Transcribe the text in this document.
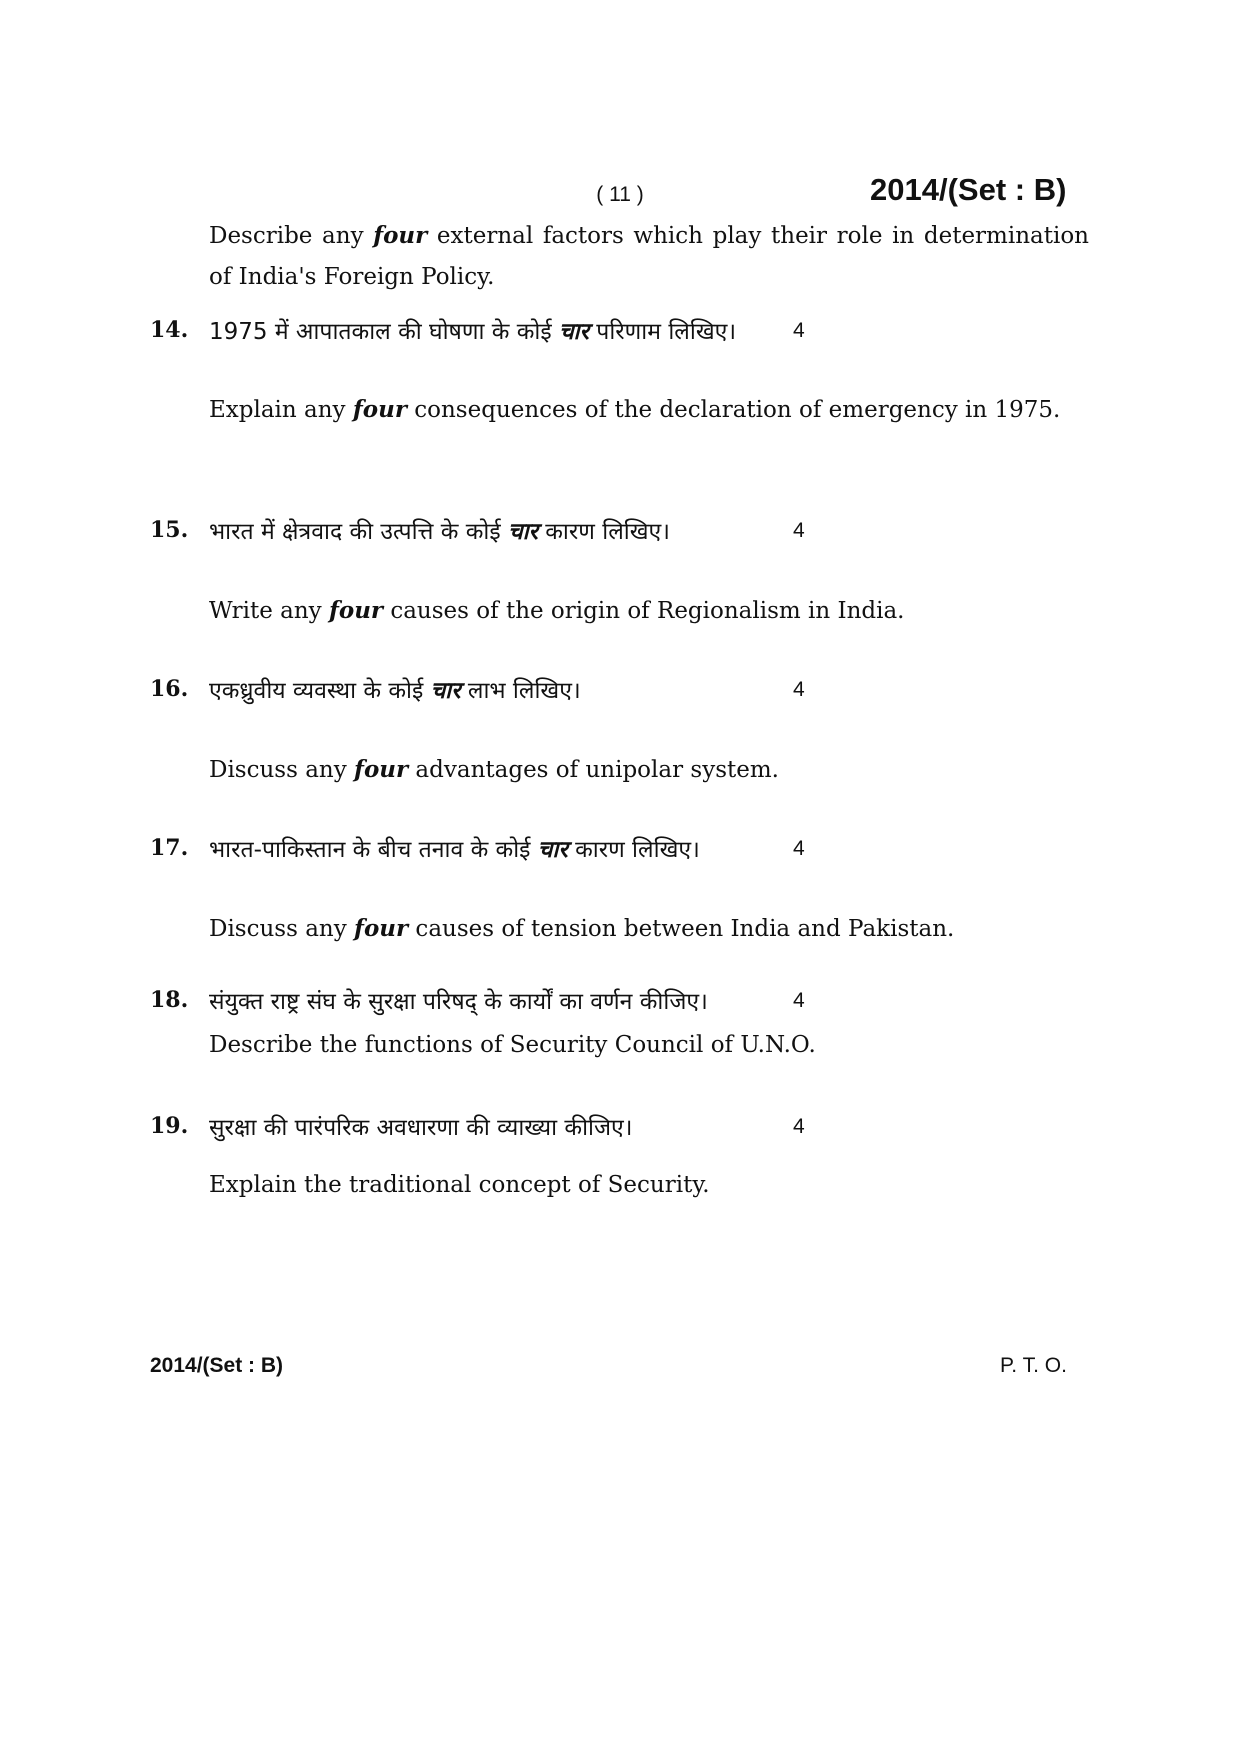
( 11 )	2014/(Set : B)
Describe any four external factors which play their role in determination of India's Foreign Policy.
14. 1975 में आपातकाल की घोषणा के कोई चार परिणाम लिखिए।	4
Explain any four consequences of the declaration of emergency in 1975.
15. भारत में क्षेत्रवाद की उत्पत्ति के कोई चार कारण लिखिए।	4
Write any four causes of the origin of Regionalism in India.
16. एकध्रुवीय व्यवस्था के कोई चार लाभ लिखिए।	4
Discuss any four advantages of unipolar system.
17. भारत-पाकिस्तान के बीच तनाव के कोई चार कारण लिखिए।	4
Discuss any four causes of tension between India and Pakistan.
18. संयुक्त राष्ट्र संघ के सुरक्षा परिषद् के कार्यों का वर्णन कीजिए।	4
Describe the functions of Security Council of U.N.O.
19. सुरक्षा की पारंपरिक अवधारणा की व्याख्या कीजिए।	4
Explain the traditional concept of Security.
2014/(Set : B)	P. T. O.
